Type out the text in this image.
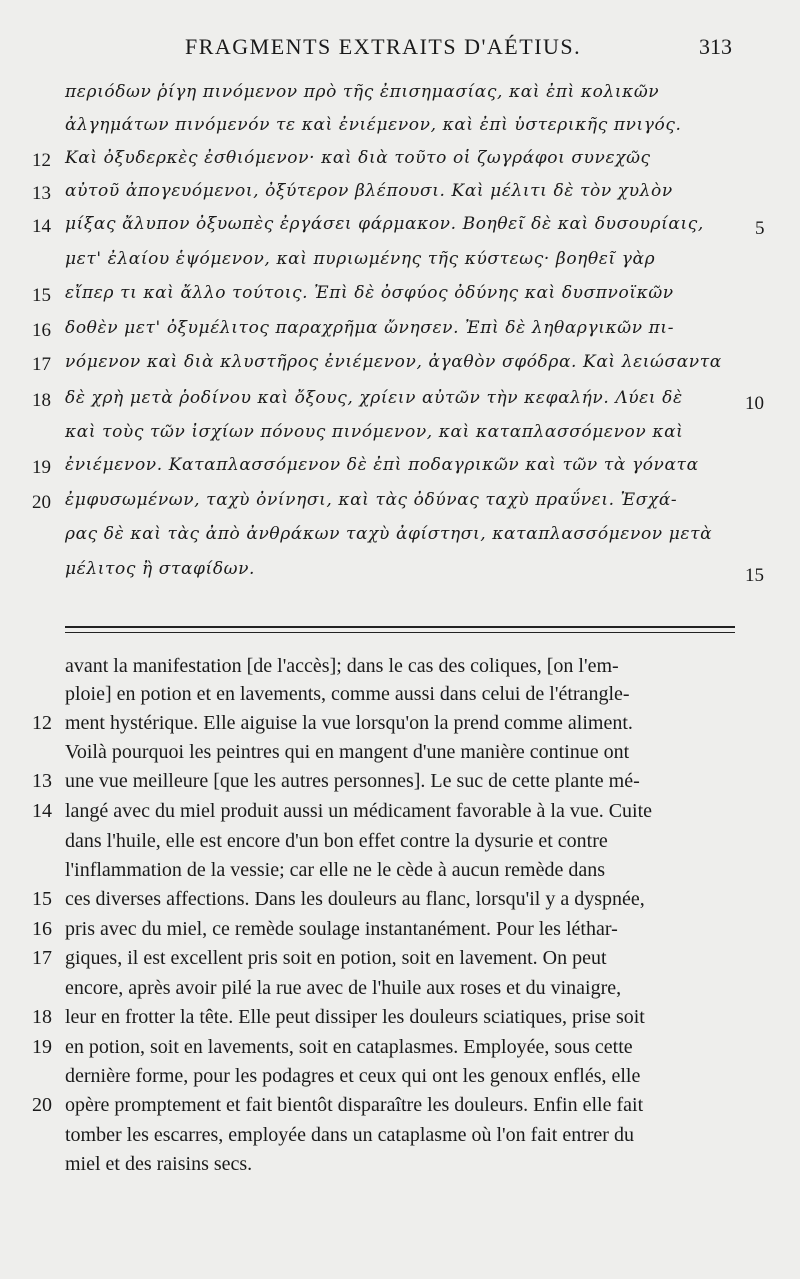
FRAGMENTS EXTRAITS D'AÉTIUS.	313
περιόδων ῥίγη πινόμενον πρὸ τῆς ἐπισημασίας, καὶ ἐπὶ κολικῶν
ἀλγημάτων πινόμενόν τε καὶ ἐνιέμενον, καὶ ἐπὶ ὑστερικῆς πνιγός.
12 Καὶ ὀξυδερκὲς ἐσθιόμενον· καὶ διὰ τοῦτο οἱ ζωγράφοι συνεχῶς
13 αὐτοῦ ἀπογευόμενοι, ὀξύτερον βλέπουσι. Καὶ μέλιτι δὲ τὸν χυλὸν
14 μίξας ἄλυπον ὀξυωπὲς ἐργάσει φάρμακον. Βοηθεῖ δὲ καὶ δυσουρίαις,
μετ' ἐλαίου ἑψόμενον, καὶ πυριωμένης τῆς κύστεως· βοηθεῖ γὰρ
15 εἴπερ τι καὶ ἄλλο τούτοις. Ἐπὶ δὲ ὀσφύος ὀδύνης καὶ δυσπνοϊκῶν
16 δοθὲν μετ' ὀξυμέλιτος παραχρῆμα ὤνησεν. Ἐπὶ δὲ ληθαργικῶν πι-
17 νόμενον καὶ διὰ κλυστῆρος ἐνιέμενον, ἀγαθὸν σφόδρα. Καὶ λειώσαντα
18 δὲ χρὴ μετὰ ῥοδίνου καὶ ὄξους, χρίειν αὐτῶν τὴν κεφαλήν. Λύει δὲ
καὶ τοὺς τῶν ἰσχίων πόνους πινόμενον, καὶ καταπλασσόμενον καὶ
19 ἐνιέμενον. Καταπλασσόμενον δὲ ἐπὶ ποδαγρικῶν καὶ τῶν τὰ γόνατα
20 ἐμφυσωμένων, ταχὺ ὀνίνησι, καὶ τὰς ὀδύνας ταχὺ πραΰνει. Ἐσχά-
ρας δὲ καὶ τὰς ἀπὸ ἀνθράκων ταχὺ ἀφίστησι, καταπλασσόμενον μετὰ
μέλιτος ἢ σταφίδων.
5
10
15
avant la manifestation [de l'accès]; dans le cas des coliques, [on l'em-
ploie] en potion et en lavements, comme aussi dans celui de l'étrangle-
12 ment hystérique. Elle aiguise la vue lorsqu'on la prend comme aliment.
Voilà pourquoi les peintres qui en mangent d'une manière continue ont
13 une vue meilleure [que les autres personnes]. Le suc de cette plante mé-
14 langé avec du miel produit aussi un médicament favorable à la vue. Cuite
dans l'huile, elle est encore d'un bon effet contre la dysurie et contre
l'inflammation de la vessie; car elle ne le cède à aucun remède dans
15 ces diverses affections. Dans les douleurs au flanc, lorsqu'il y a dyspnée,
16 pris avec du miel, ce remède soulage instantanément. Pour les léthar-
17 giques, il est excellent pris soit en potion, soit en lavement. On peut
encore, après avoir pilé la rue avec de l'huile aux roses et du vinaigre,
18 leur en frotter la tête. Elle peut dissiper les douleurs sciatiques, prise soit
19 en potion, soit en lavements, soit en cataplasmes. Employée, sous cette
dernière forme, pour les podagres et ceux qui ont les genoux enflés, elle
20 opère promptement et fait bientôt disparaître les douleurs. Enfin elle fait
tomber les escarres, employée dans un cataplasme où l'on fait entrer du
miel et des raisins secs.
